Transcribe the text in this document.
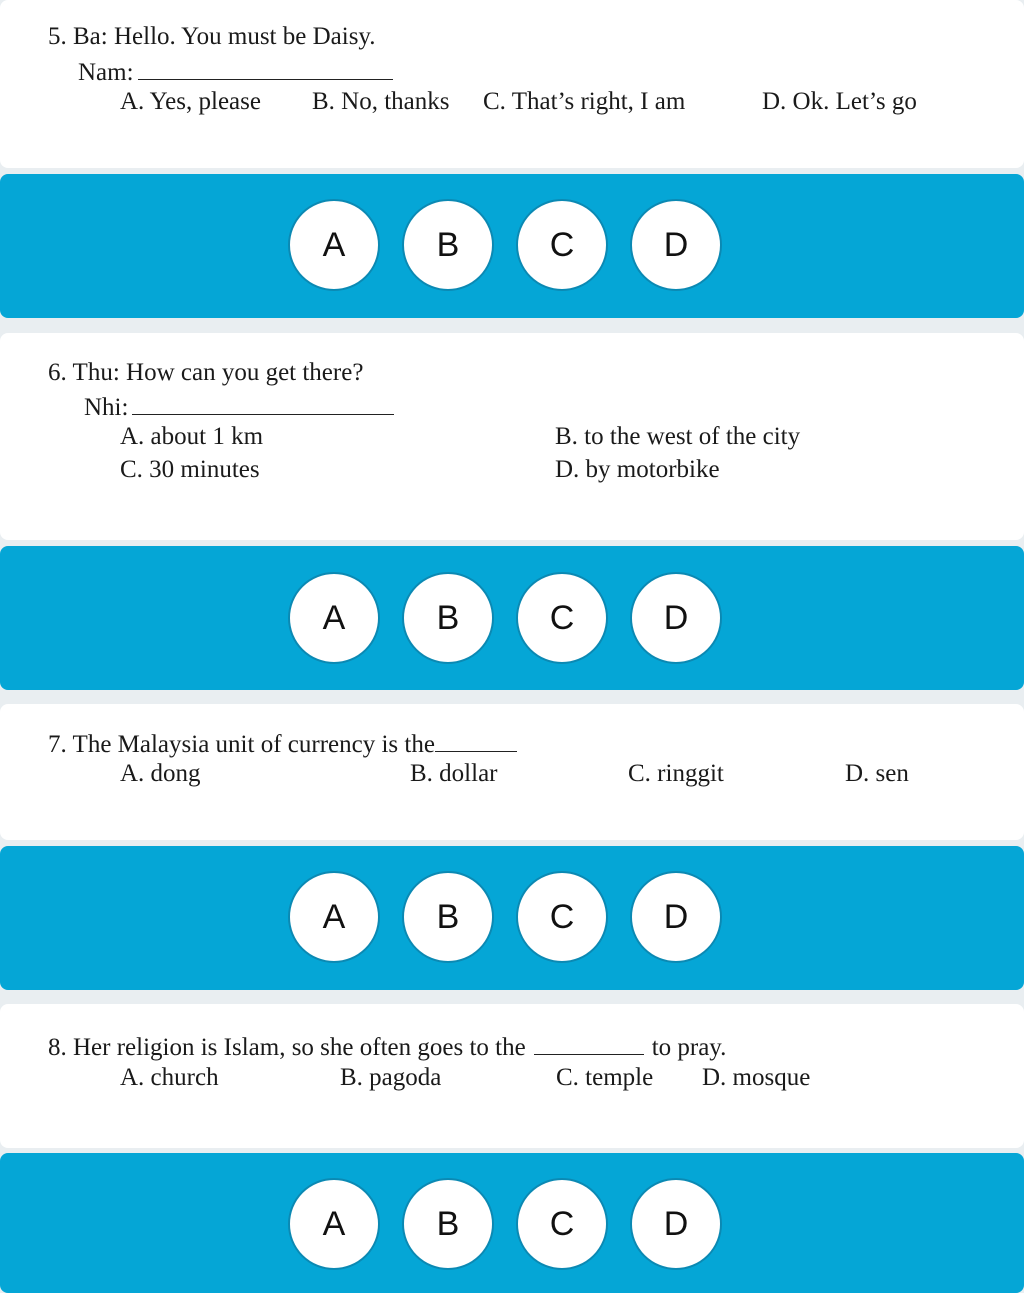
5. Ba: Hello. You must be Daisy.
Nam:
A. Yes, please B. No, thanks C. That’s right, I am	D. Ok. Let’s go
A	B	C	D
6. Thu: How can you get there?
Nhi:
A. about 1 km	B. to the west of the city
C. 30 minutes	D. by motorbike
A	B	C	D
7. The Malaysia unit of currency is the
A. dong	B. dollar	C. ringgit	D. sen
A	B	C	D
8. Her religion is Islam, so she often goes to the	to pray.
A. church	B. pagoda	C. temple D. mosque
A	B	C	D
